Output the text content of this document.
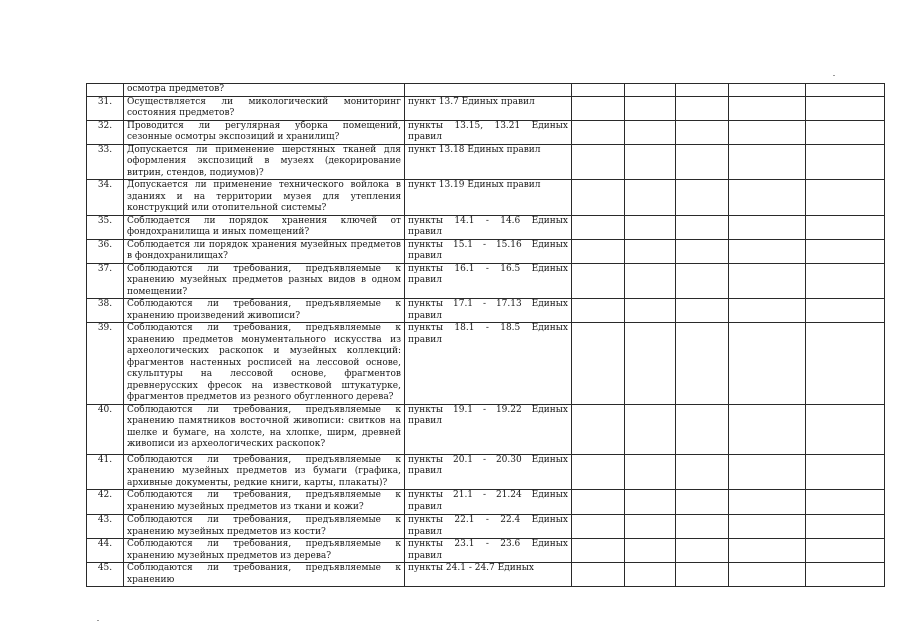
	осмотра предметов?						
31.	Осуществляется ли микологический мониторинг состояния предметов?	пункт 13.7 Единых правил					
32.	Проводится ли регулярная уборка помещений, сезонные осмотры экспозиций и хранилищ?	пункты 13.15, 13.21 Единых правил					
33.	Допускается ли применение шерстяных тканей для оформления экспозиций в музеях (декорирование витрин, стендов, подиумов)?	пункт 13.18 Единых правил					
34.	Допускается ли применение технического войлока в зданиях и на территории музея для утепления конструкций или отопительной системы?	пункт 13.19 Единых правил					
35.	Соблюдается ли порядок хранения ключей от фондохранилища и иных помещений?	пункты 14.1 - 14.6 Единых правил					
36.	Соблюдается ли порядок хранения музейных предметов в фондохранилищах?	пункты 15.1 - 15.16 Единых правил					
37.	Соблюдаются ли требования, предъявляемые к хранению музейных предметов разных видов в одном помещении?	пункты 16.1 - 16.5 Единых правил					
38.	Соблюдаются ли требования, предъявляемые к хранению произведений живописи?	пункты 17.1 - 17.13 Единых правил					
39.	Соблюдаются ли требования, предъявляемые к хранению предметов монументального искусства из археологических раскопок и музейных коллекций: фрагментов настенных росписей на лессовой основе, скульптуры на лессовой основе, фрагментов древнерусских фресок на известковой штукатурке, фрагментов предметов из резного обугленного дерева?	пункты 18.1 - 18.5 Единых правил					
40.	Соблюдаются ли требования, предъявляемые к хранению памятников восточной живописи: свитков на шелке и бумаге, на холсте, на хлопке, ширм, древней живописи из археологических раскопок?	пункты 19.1 - 19.22 Единых правил					
41.	Соблюдаются ли требования, предъявляемые к хранению музейных предметов из бумаги (графика, архивные документы, редкие книги, карты, плакаты)?	пункты 20.1 - 20.30 Единых правил					
42.	Соблюдаются ли требования, предъявляемые к хранению музейных предметов из ткани и кожи?	пункты 21.1 - 21.24 Единых правил					
43.	Соблюдаются ли требования, предъявляемые к хранению музейных предметов из кости?	пункты 22.1 - 22.4 Единых правил					
44.	Соблюдаются ли требования, предъявляемые к хранению музейных предметов из дерева?	пункты 23.1 - 23.6 Единых правил					
45.	Соблюдаются ли требования, предъявляемые к хранению	пункты 24.1 - 24.7 Единых					
